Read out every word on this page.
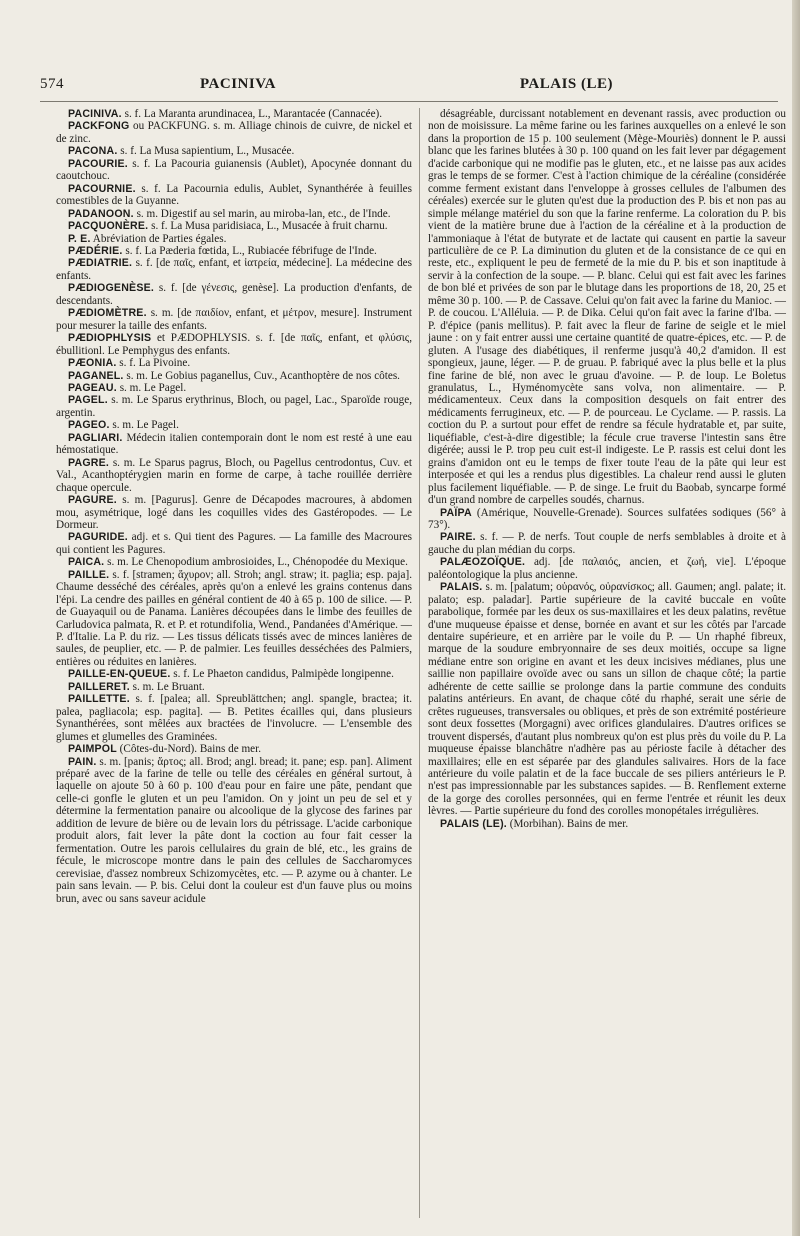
574	PACINIVA	PALAIS (LE)

PACINIVA. s. f. La Maranta arundinacea, L., Marantacée (Cannacée).

PACKFONG ou PACKFUNG. s. m. Alliage chinois de cuivre, de nickel et de zinc.

PACONA. s. f. La Musa sapientium, L., Musacée.

PACOURIE. s. f. La Pacouria guianensis (Aublet), Apocynée donnant du caoutchouc.

PACOURNIE. s. f. La Pacournia edulis, Aublet, Synanthérée à feuilles comestibles de la Guyanne.

PADANOON. s. m. Digestif au sel marin, au miroba-lan, etc., de l'Inde.

PACQUONÈRE. s. f. La Musa paridisiaca, L., Musacée à fruit charnu.

P. E. Abréviation de Parties égales.

PÆDÉRIE. s. f. La Pæderia fœtida, L., Rubiacée fébrifuge de l'Inde.

PÆDIATRIE. s. f. [de παῖς, enfant, et ἰατρεία, médecine]. La médecine des enfants.

PÆDIOGENÈSE. s. f. [de γένεσις, genèse]. La production d'enfants, de descendants.

PÆDIOMÈTRE. s. m. [de παιδίον, enfant, et μέτρον, mesure]. Instrument pour mesurer la taille des enfants.

PÆDIOPHLYSIS et PÆDOPHLYSIS. s. f. [de παῖς, enfant, et φλύσις, ébullitionl. Le Pemphygus des enfants.

PÆONIA. s. f. La Pivoine.

PAGANEL. s. m. Le Gobius paganellus, Cuv., Acanthoptère de nos côtes.

PAGEAU. s. m. Le Pagel.

PAGEL. s. m. Le Sparus erythrinus, Bloch, ou pagel, Lac., Sparoïde rouge, argentin.

PAGEO. s. m. Le Pagel.

PAGLIARI. Médecin italien contemporain dont le nom est resté à une eau hémostatique.

PAGRE. s. m. Le Sparus pagrus, Bloch, ou Pagellus centrodontus, Cuv. et Val., Acanthoptérygien marin en forme de carpe, à tache rouillée derrière chaque opercule.

PAGURE. s. m. [Pagurus]. Genre de Décapodes macroures, à abdomen mou, asymétrique, logé dans les coquilles vides des Gastéropodes. — Le Dormeur.

PAGURIDE. adj. et s. Qui tient des Pagures. — La famille des Macroures qui contient les Pagures.

PAICA. s. m. Le Chenopodium ambrosioides, L., Chénopodée du Mexique.

PAILLE. s. f. [stramen; ἄχυρον; all. Stroh; angl. straw; it. paglia; esp. paja]. Chaume desséché des céréales, après qu'on a enlevé les grains contenus dans l'épi. La cendre des pailles en général contient de 40 à 65 p. 100 de silice. — P. de Guayaquil ou de Panama. Lanières découpées dans le limbe des feuilles de Carludovica palmata, R. et P. et rotundifolia, Wend., Pandanées d'Amérique. — P. d'Italie. La P. du riz. — Les tissus délicats tissés avec de minces lanières de saules, de peuplier, etc. — P. de palmier. Les feuilles desséchées des Palmiers, entières ou réduites en lanières.

PAILLE-EN-QUEUE. s. f. Le Phaeton candidus, Palmipède longipenne.

PAILLERET. s. m. Le Bruant.

PAILLETTE. s. f. [palea; all. Spreublättchen; angl. spangle, bractea; it. palea, pagliacola; esp. pagita]. — B. Petites écailles qui, dans plusieurs Synanthérées, sont mêlées aux bractées de l'involucre. — L'ensemble des glumes et glumelles des Graminées.

PAIMPOL (Côtes-du-Nord). Bains de mer.

PAIN. s. m. [panis; ἄρτος; all. Brod; angl. bread; it. pane; esp. pan]. Aliment préparé avec de la farine de telle ou telle des céréales en général surtout, à laquelle on ajoute 50 à 60 p. 100 d'eau pour en faire une pâte, pendant que celle-ci gonfle le gluten et un peu l'amidon. On y joint un peu de sel et y détermine la fermentation panaire ou alcoolique de la glycose des farines par addition de levure de bière ou de levain lors du pétrissage. L'acide carbonique produit alors, fait lever la pâte dont la coction au four fait cesser la fermentation. Outre les parois cellulaires du grain de blé, etc., les grains de fécule, le microscope montre dans le pain des cellules de Saccharomyces cerevisiae, d'assez nombreux Schizomycètes, etc. — P. azyme ou à chanter. Le pain sans levain. — P. bis. Celui dont la couleur est d'un fauve plus ou moins brun, avec ou sans saveur acidule

désagréable, durcissant notablement en devenant rassis, avec production ou non de moisissure. La même farine ou les farines auxquelles on a enlevé le son dans la proportion de 15 p. 100 seulement (Mège-Mouriès) donnent le P. aussi blanc que les farines blutées à 30 p. 100 quand on les fait lever par dégagement d'acide carbonique qui ne modifie pas le gluten, etc., et ne laisse pas aux acides gras le temps de se former. C'est à l'action chimique de la céréaline (considérée comme ferment existant dans l'enveloppe à grosses cellules de l'albumen des céréales) exercée sur le gluten qu'est due la production des P. bis et non pas au simple mélange matériel du son que la farine renferme. La coloration du P. bis vient de la matière brune due à l'action de la céréaline et à la production de l'ammoniaque à l'état de butyrate et de lactate qui causent en partie la saveur particulière de ce P. La diminution du gluten et de la consistance de ce qui en reste, etc., expliquent le peu de fermeté de la mie du P. bis et son inaptitude à servir à la confection de la soupe. — P. blanc. Celui qui est fait avec les farines de bon blé et privées de son par le blutage dans les proportions de 18, 20, 25 et même 30 p. 100. — P. de Cassave. Celui qu'on fait avec la farine du Manioc. — P. de coucou. L'Alléluia. — P. de Dika. Celui qu'on fait avec la farine d'Iba. — P. d'épice (panis mellitus). P. fait avec la fleur de farine de seigle et le miel jaune : on y fait entrer aussi une certaine quantité de quatre-épices, etc. — P. de gluten. A l'usage des diabétiques, il renferme jusqu'à 40,2 d'amidon. Il est spongieux, jaune, léger. — P. de gruau. P. fabriqué avec la plus belle et la plus fine farine de blé, non avec le gruau d'avoine. — P. de loup. Le Boletus granulatus, L., Hyménomycète sans volva, non alimentaire. — P. médicamenteux. Ceux dans la composition desquels on fait entrer des médicaments ferrugineux, etc. — P. de pourceau. Le Cyclame. — P. rassis. La coction du P. a surtout pour effet de rendre sa fécule hydratable et, par suite, liquéfiable, c'est-à-dire digestible; la fécule crue traverse l'intestin sans être digérée; aussi le P. trop peu cuit est-il indigeste. Le P. rassis est celui dont les grains d'amidon ont eu le temps de fixer toute l'eau de la pâte qui leur est interposée et qui les a rendus plus digestibles. La chaleur rend aussi le gluten plus facilement liquéfiable. — P. de singe. Le fruit du Baobab, syncarpe formé d'un grand nombre de carpelles soudés, charnus.

PAÏPA (Amérique, Nouvelle-Grenade). Sources sulfatées sodiques (56° à 73°).

PAIRE. s. f. — P. de nerfs. Tout couple de nerfs semblables à droite et à gauche du plan médian du corps.

PALÆOZOÏQUE. adj. [de παλαιός, ancien, et ζωή, vie]. L'époque paléontologique la plus ancienne.

PALAIS. s. m. [palatum; οὐρανός, οὐρανίσκος; all. Gaumen; angl. palate; it. palato; esp. paladar]. Partie supérieure de la cavité buccale en voûte parabolique, formée par les deux os sus-maxillaires et les deux palatins, revêtue d'une muqueuse épaisse et dense, bornée en avant et sur les côtés par l'arcade dentaire supérieure, et en arrière par le voile du P. — Un rhaphé fibreux, marque de la soudure embryonnaire de ses deux moitiés, occupe sa ligne médiane entre son origine en avant et les deux incisives médianes, plus une saillie non papillaire ovoïde avec ou sans un sillon de chaque côté; la partie adhérente de cette saillie se prolonge dans la partie commune des conduits palatins antérieurs. En avant, de chaque côté du rhaphé, serait une série de crêtes rugueuses, transversales ou obliques, et près de son extrémité postérieure sont deux fossettes (Morgagni) avec orifices glandulaires. D'autres orifices se trouvent dispersés, d'autant plus nombreux qu'on est plus près du voile du P. La muqueuse épaisse blanchâtre n'adhère pas au périoste facile à détacher des maxillaires; elle en est séparée par des glandules salivaires. Hors de la face antérieure du voile palatin et de la face buccale de ses piliers antérieurs le P. n'est pas impressionnable par les substances sapides. — B. Renflement externe de la gorge des corolles personnées, qui en ferme l'entrée et réunit les deux lèvres. — Partie supérieure du fond des corolles monopétales irrégulières.

PALAIS (LE). (Morbihan). Bains de mer.
